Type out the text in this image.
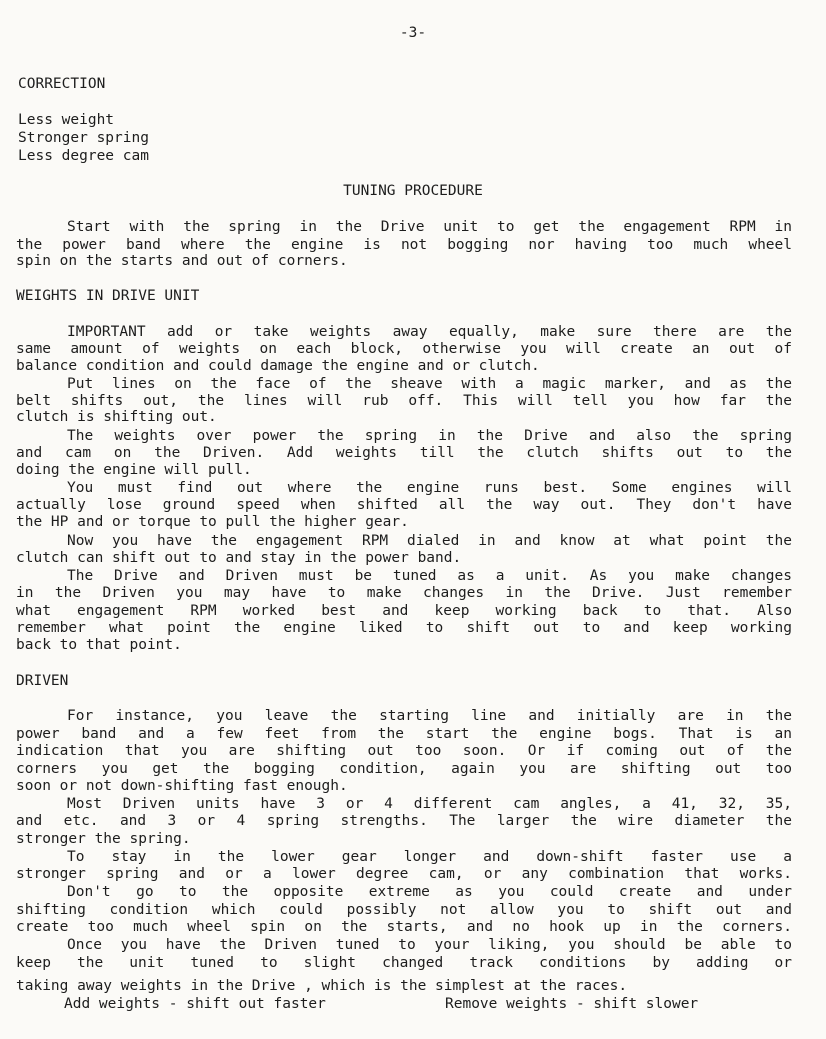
-3-
CORRECTION
Less weight
Stronger spring
Less degree cam
TUNING PROCEDURE
Start with the spring in the Drive unit to get the engagement RPM in
the power band where the engine is not bogging nor having too much wheel
spin on the starts and out of corners.
WEIGHTS IN DRIVE UNIT
IMPORTANT add or take weights away equally, make sure there are the
same amount of weights on each block, otherwise you will create an out of
balance condition and could damage the engine and or clutch.
Put lines on the face of the sheave with a magic marker, and as the
belt shifts out, the lines will rub off. This will tell you how far the
clutch is shifting out.
The weights over power the spring in the Drive and also the spring
and cam on the Driven. Add weights till the clutch shifts out to the
doing the engine will pull.
You must find out where the engine runs best. Some engines will
actually lose ground speed when shifted all the way out. They don't have
the HP and or torque to pull the higher gear.
Now you have the engagement RPM dialed in and know at what point the
clutch can shift out to and stay in the power band.
The Drive and Driven must be tuned as a unit. As you make changes
in the Driven you may have to make changes in the Drive. Just remember
what engagement RPM worked best and keep working back to that. Also
remember what point the engine liked to shift out to and keep working
back to that point.
DRIVEN
For instance, you leave the starting line and initially are in the
power band and a few feet from the start the engine bogs. That is an
indication that you are shifting out too soon. Or if coming out of the
corners you get the bogging condition, again you are shifting out too
soon or not down-shifting fast enough.
Most Driven units have 3 or 4 different cam angles, a 41, 32, 35,
and etc. and 3 or 4 spring strengths. The larger the wire diameter the
stronger the spring.
To stay in the lower gear longer and down-shift faster use a
stronger spring and or a lower degree cam, or any combination that works.
Don't go to the opposite extreme as you could create and under
shifting condition which could possibly not allow you to shift out and
create too much wheel spin on the starts, and no hook up in the corners.
Once you have the Driven tuned to your liking, you should be able to
keep the unit tuned to slight changed track conditions by adding or
taking away weights in the Drive , which is the simplest at the races.
Add weights - shift out faster	Remove weights - shift slower
